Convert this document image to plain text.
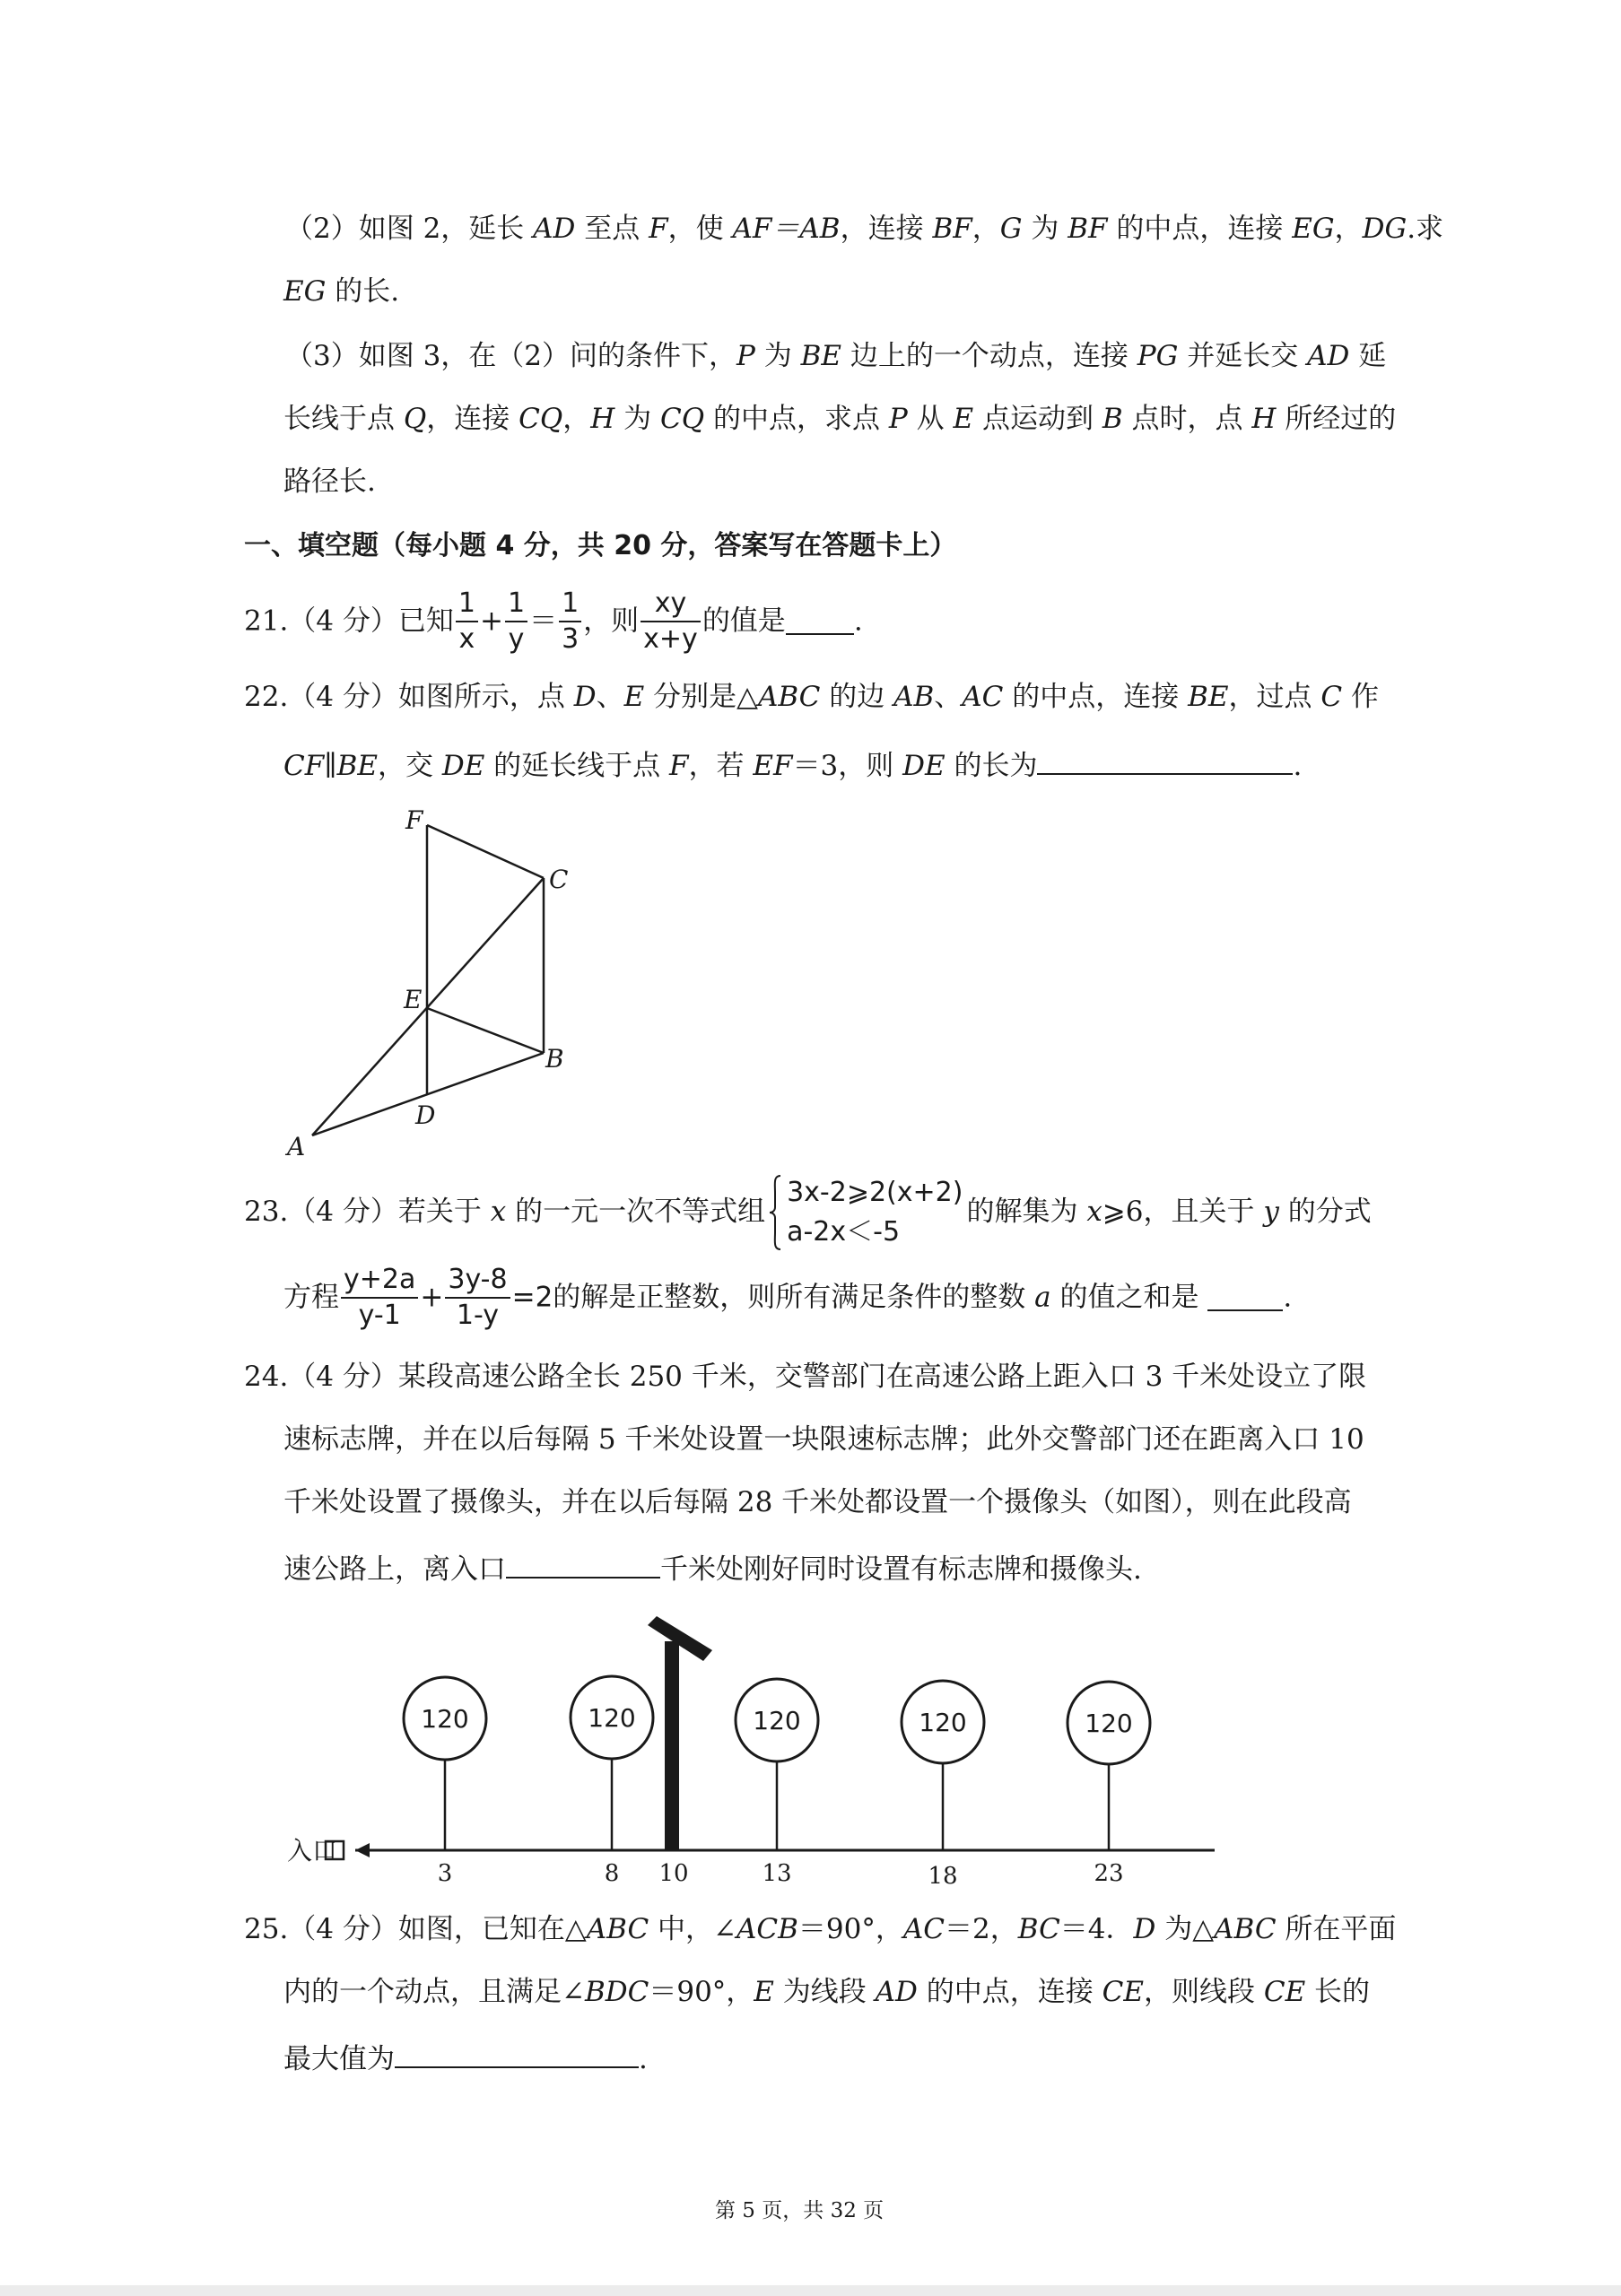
（2）如图 2，延长 AD 至点 F，使 AF＝AB，连接 BF，G 为 BF 的中点，连接 EG，DG.求
EG 的长.
（3）如图 3，在（2）问的条件下，P 为 BE 边上的一个动点，连接 PG 并延长交 AD 延
长线于点 Q，连接 CQ，H 为 CQ 的中点，求点 P 从 E 点运动到 B 点时，点 H 所经过的
路径长.
一、填空题（每小题 4 分，共 20 分，答案写在答题卡上）
21.（4 分）已知 $\frac{1}{x} + \frac{1}{y} = \frac{1}{3}$ ，则 $\frac{xy}{x+y}$ 的值是 .
22.（4 分）如图所示，点 D、E 分别是△ABC 的边 AB、AC 的中点，连接 BE，过点 C 作
CF∥BE，交 DE 的延长线于点 F，若 EF＝3，则 DE 的长为	.
F
C
E
B
D
A
23.（4 分）若关于 x 的一元一次不等式组
3x-2⩾2(x+2)
a-2x＜-5
的解集为 x⩾6，且关于 y 的分式
方程 $\frac{y+2a}{y-1} + \frac{3y-8}{1-y} =2$的解是正整数，则所有满足条件的整数 a 的值之和是	.
24.（4 分）某段高速公路全长 250 千米，交警部门在高速公路上距入口 3 千米处设立了限
速标志牌，并在以后每隔 5 千米处设置一块限速标志牌；此外交警部门还在距离入口 10
千米处设置了摄像头，并在以后每隔 28 千米处都设置一个摄像头（如图），则在此段高
速公路上，离入口	千米处刚好同时设置有标志牌和摄像头.
入口
120
3
120
8
120
13
120
18
120
23
10
25.（4 分）如图，已知在△ABC 中，∠ACB＝90°，AC＝2，BC＝4．D 为△ABC 所在平面
内的一个动点，且满足∠BDC＝90°，E 为线段 AD 的中点，连接 CE，则线段 CE 长的
最大值为	.
第 5 页，共 32 页
